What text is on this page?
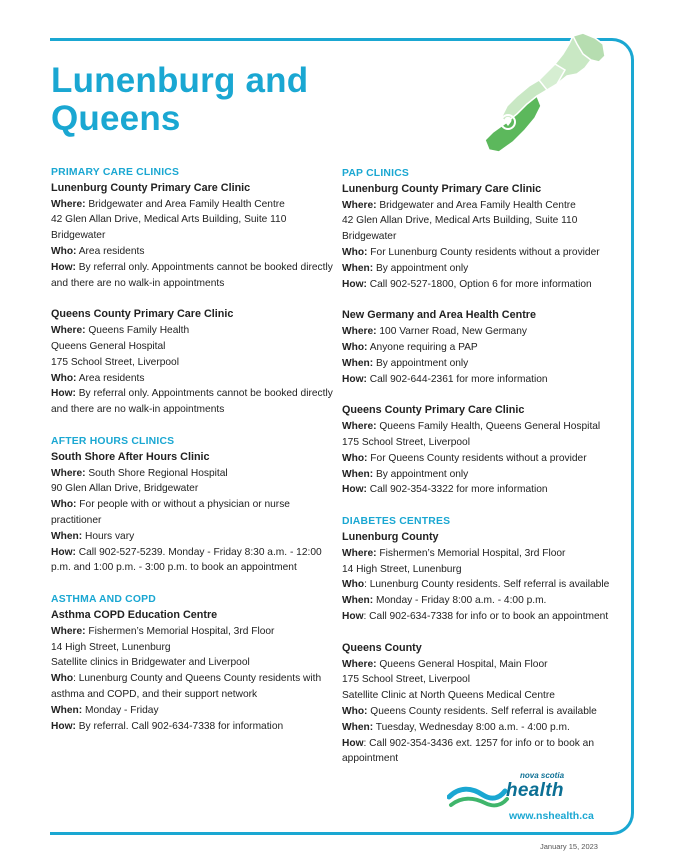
Lunenburg and Queens

PRIMARY CARE CLINICS

Lunenburg County Primary Care Clinic

Where: Bridgewater and Area Family Health Centre

42 Glen Allan Drive, Medical Arts Building, Suite 110

Bridgewater

Who: Area residents

How: By referral only. Appointments cannot be booked directly and there are no walk-in appointments

Queens County Primary Care Clinic

Where: Queens Family Health

Queens General Hospital

175 School Street, Liverpool

Who: Area residents

How: By referral only. Appointments cannot be booked directly and there are no walk-in appointments

AFTER HOURS CLINICS

South Shore After Hours Clinic

Where: South Shore Regional Hospital

90 Glen Allan Drive, Bridgewater

Who: For people with or without a physician or nurse practitioner

When: Hours vary

How: Call 902-527-5239. Monday - Friday 8:30 a.m. - 12:00 p.m. and 1:00 p.m. - 3:00 p.m. to book an appointment

ASTHMA AND COPD

Asthma COPD Education Centre

Where: Fishermen’s Memorial Hospital, 3rd Floor

14 High Street, Lunenburg

Satellite clinics in Bridgewater and Liverpool

Who: Lunenburg County and Queens County residents with asthma and COPD, and their support network

When: Monday - Friday

How: By referral. Call 902-634-7338 for information

PAP CLINICS

Lunenburg County Primary Care Clinic

Where: Bridgewater and Area Family Health Centre

42 Glen Allan Drive, Medical Arts Building, Suite 110

Bridgewater

Who: For Lunenburg County residents without a provider

When: By appointment only

How: Call 902-527-1800, Option 6 for more information

New Germany and Area Health Centre

Where: 100 Varner Road, New Germany

Who: Anyone requiring a PAP

When: By appointment only

How: Call 902-644-2361 for more information

Queens County Primary Care Clinic

Where: Queens Family Health, Queens General Hospital

175 School Street, Liverpool

Who: For Queens County residents without a provider

When: By appointment only

How: Call 902-354-3322 for more information

DIABETES CENTRES

Lunenburg County

Where: Fishermen’s Memorial Hospital, 3rd Floor

14 High Street, Lunenburg

Who: Lunenburg County residents. Self referral is available

When: Monday - Friday 8:00 a.m. - 4:00 p.m.

How: Call 902-634-7338 for info or to book an appointment

Queens County

Where: Queens General Hospital, Main Floor

175 School Street, Liverpool

Satellite Clinic at North Queens Medical Centre

Who: Queens County residents. Self referral is available

When: Tuesday, Wednesday 8:00 a.m. - 4:00 p.m.

How: Call 902-354-3436 ext. 1257 for info or to book an appointment

nova scotia
health
www.nshealth.ca
January 15, 2023
